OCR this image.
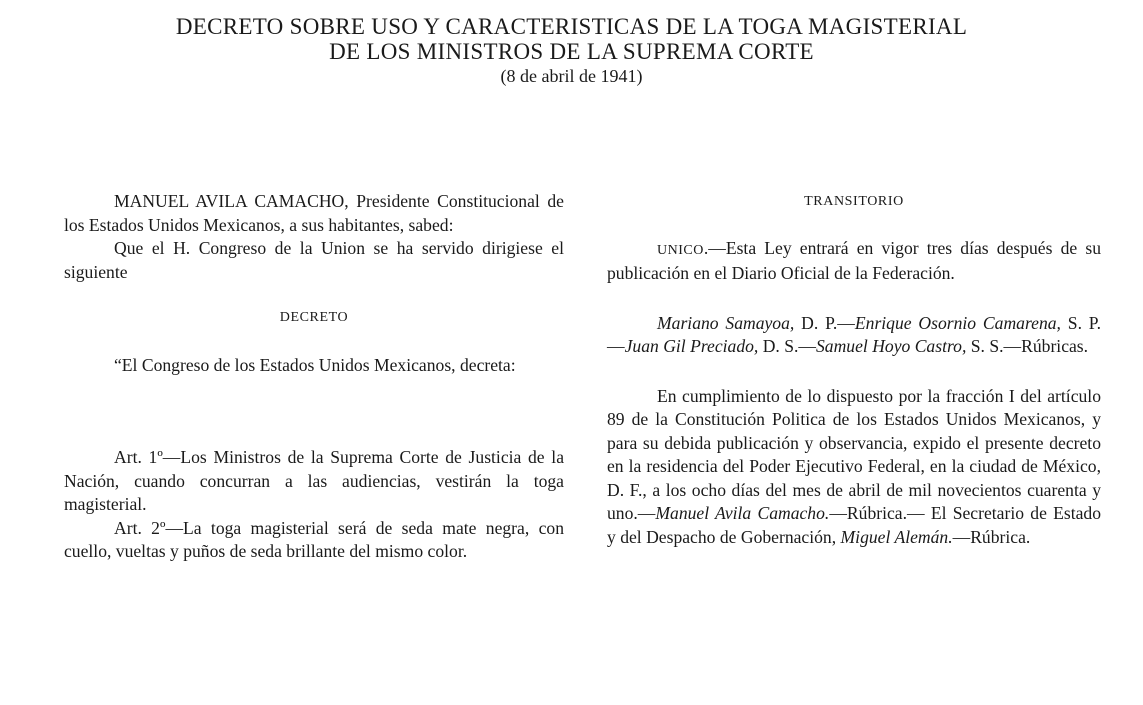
DECRETO SOBRE USO Y CARACTERISTICAS DE LA TOGA MAGISTERIAL

DE LOS MINISTROS DE LA SUPREMA CORTE

(8 de abril de 1941)

MANUEL AVILA CAMACHO, Presidente Constitucional de los Estados Unidos Mexicanos, a sus habitantes, sabed:

Que el H. Congreso de la Union se ha servido dirigiese el siguiente

DECRETO

“El Congreso de los Estados Unidos Mexicanos, decreta:

Art. 1º—Los Ministros de la Suprema Corte de Justicia de la Nación, cuando concurran a las audiencias, vestirán la toga magisterial.

Art. 2º—La toga magisterial será de seda mate negra, con cuello, vueltas y puños de seda brillante del mismo color.

TRANSITORIO

UNICO.—Esta Ley entrará en vigor tres días después de su publicación en el Diario Oficial de la Federación.

Mariano Samayoa, D. P.—Enrique Osornio Camarena, S. P.—Juan Gil Preciado, D. S.—Samuel Hoyo Castro, S. S.—Rúbricas.

En cumplimiento de lo dispuesto por la fracción I del artículo 89 de la Constitución Politica de los Estados Unidos Mexicanos, y para su debida publicación y observancia, expido el presente decreto en la residencia del Poder Ejecutivo Federal, en la ciudad de México, D. F., a los ocho días del mes de abril de mil novecientos cuarenta y uno.—Manuel Avila Camacho.—Rúbrica.— El Secretario de Estado y del Despacho de Gobernación, Miguel Alemán.—Rúbrica.
